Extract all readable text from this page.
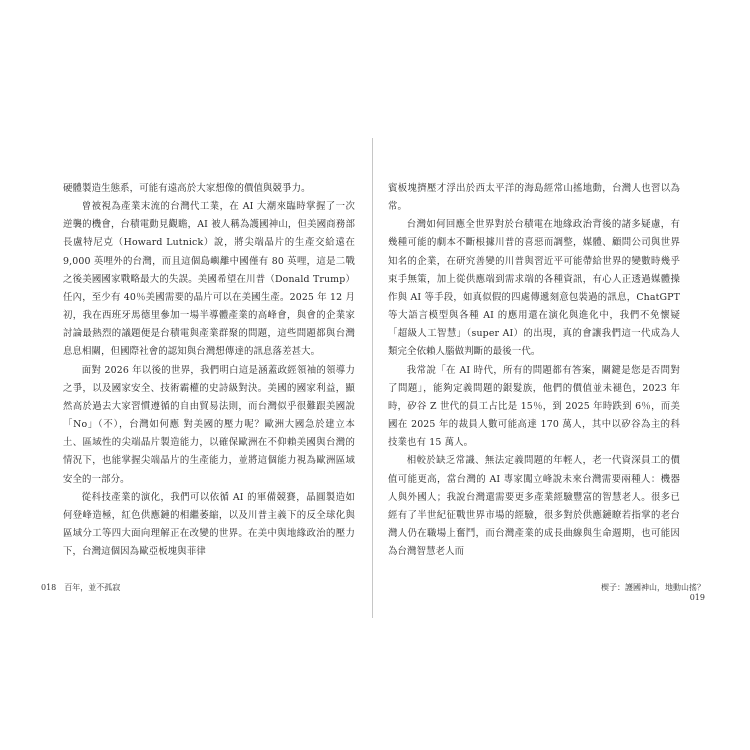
硬體製造生態系，可能有遠高於大家想像的價值與競爭力。

曾被視為產業末流的台灣代工業，在 AI 大潮來臨時掌握了一次逆襲的機會，台積電動見觀瞻，AI 被人稱為護國神山，但美國商務部長盧特尼克（Howard Lutnick）說，將尖端晶片的生產交給遠在 9,000 英哩外的台灣，而且這個島嶼離中國僅有 80 英哩，這是二戰之後美國國家戰略最大的失誤。美國希望在川普（Donald Trump）任內，至少有 40％美國需要的晶片可以在美國生產。2025 年 12 月初，我在西班牙馬德里參加一場半導體產業的高峰會，與會的企業家討論最熱烈的議題便是台積電與產業群聚的問題，這些問題都與台灣息息相關，但國際社會的認知與台灣想傳達的訊息落差甚大。

面對 2026 年以後的世界，我們明白這是涵蓋政經領袖的領導力之爭，以及國家安全、技術霸權的史詩級對決。美國的國家利益，顯然高於過去大家習慣遵循的自由貿易法則，而台灣似乎很難跟美國說「No」（不），台灣如何應 對美國的壓力呢？歐洲大國急於建立本土、區域性的尖端晶片製造能力，以確保歐洲在不仰賴美國與台灣的情況下，也能掌握尖端晶片的生產能力，並將這個能力視為歐洲區域安全的一部分。

從科技產業的演化，我們可以依循 AI 的軍備競賽，晶圓製造如何登峰造極，紅色供應鏈的相繼萎縮，以及川普主義下的反全球化與區域分工等四大面向理解正在改變的世界。在美中與地緣政治的壓力下，台灣這個因為歐亞板塊與菲律

賓板塊擠壓才浮出於西太平洋的海島經常山搖地動，台灣人也習以為常。

台灣如何回應全世界對於台積電在地緣政治背後的諸多疑慮，有幾種可能的劇本不斷根據川普的喜惡而調整，媒體、顧問公司與世界知名的企業，在研究善變的川普與習近平可能帶給世界的變數時幾乎束手無策，加上從供應端到需求端的各種資訊，有心人正透過媒體操作與 AI 等手段，如真似假的四處傳遞刻意包裝過的訊息，ChatGPT 等大語言模型與各種 AI 的應用還在演化與進化中，我們不免懷疑「超級人工智慧」（super AI）的出現，真的會讓我們這一代成為人類完全依賴人腦做判斷的最後一代。

我常說「在 AI 時代，所有的問題都有答案，關鍵是您是否問對了問題」，能夠定義問題的銀髮族，他們的價值並未褪色，2023 年時，矽谷 Z 世代的員工占比是 15％，到 2025 年時跌到 6％，而美國在 2025 年的裁員人數可能高達 170 萬人，其中以矽谷為主的科技業也有 15 萬人。

相較於缺乏常識、無法定義問題的年輕人，老一代資深員工的價值可能更高，當台灣的 AI 專家闖立峰說未來台灣需要兩種人：機器人與外國人；我說台灣還需要更多產業經驗豐富的智慧老人。很多已經有了半世紀征戰世界市場的經驗，很多對於供應鏈瞭若指掌的老台灣人仍在職場上奮鬥，而台灣產業的成長曲線與生命週期，也可能因為台灣智慧老人而

018 百年，並不孤寂	楔子：護國神山，地動山搖？019
